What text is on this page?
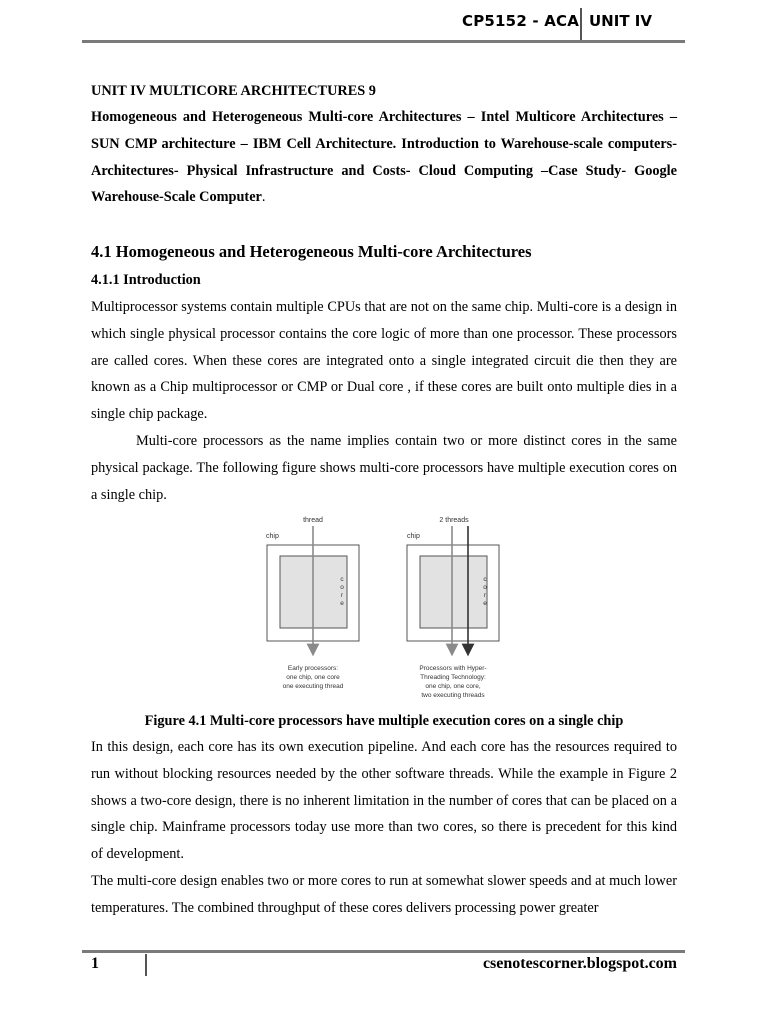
CP5152 - ACA UNIT IV
UNIT IV MULTICORE ARCHITECTURES 9
Homogeneous and Heterogeneous Multi-core Architectures – Intel Multicore Architectures –SUN CMP architecture – IBM Cell Architecture. Introduction to Warehouse-scale computers- Architectures- Physical Infrastructure and Costs- Cloud Computing –Case Study- Google Warehouse-Scale Computer.
4.1 Homogeneous and Heterogeneous Multi-core Architectures
4.1.1 Introduction
Multiprocessor systems contain multiple CPUs that are not on the same chip. Multi-core is a design in which single physical processor contains the core logic of more than one processor. These processors are called cores. When these cores are integrated onto a single integrated circuit die then they are known as a Chip multiprocessor or CMP or Dual core , if these cores are built onto multiple dies in a single chip package.
Multi-core processors as the name implies contain two or more distinct cores in the same physical package. The following figure shows multi-core processors have multiple execution cores on a single chip.
thread
chip
c
o
r
e
Early processors:
one chip, one core
one executing thread
2 threads
chip
c
o
r
e
Processors with Hyper-
Threading Technology:
one chip, one core,
two executing threads
Figure 4.1 Multi-core processors have multiple execution cores on a single chip
In this design, each core has its own execution pipeline. And each core has the resources required to run without blocking resources needed by the other software threads. While the example in Figure 2 shows a two-core design, there is no inherent limitation in the number of cores that can be placed on a single chip. Mainframe processors today use more than two cores, so there is precedent for this kind of development.
The multi-core design enables two or more cores to run at somewhat slower speeds and at much lower temperatures. The combined throughput of these cores delivers processing power greater
1	csenotescorner.blogspot.com
